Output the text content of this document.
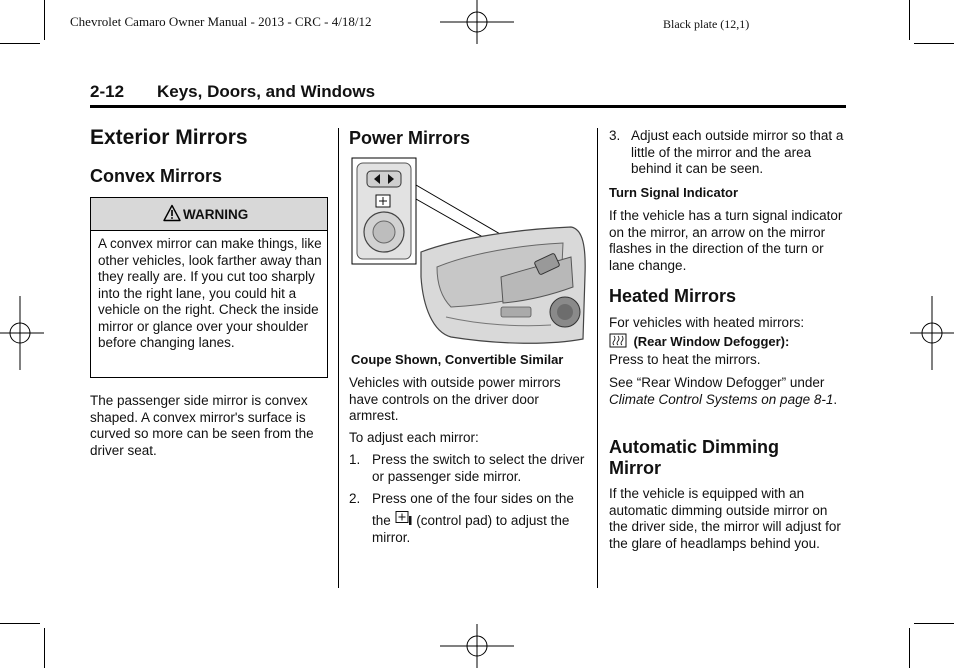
Chevrolet Camaro Owner Manual - 2013 - CRC - 4/18/12	Black plate (12,1)
2-12 Keys, Doors, and Windows
Exterior Mirrors
Convex Mirrors
WARNING
A convex mirror can make things, like other vehicles, look farther away than they really are. If you cut too sharply into the right lane, you could hit a vehicle on the right. Check the inside mirror or glance over your shoulder before changing lanes.
The passenger side mirror is convex shaped. A convex mirror's surface is curved so more can be seen from the driver seat.
Power Mirrors
Coupe Shown, Convertible Similar
Vehicles with outside power mirrors have controls on the driver door armrest.
To adjust each mirror:
1. Press the switch to select the driver or passenger side mirror.
2. Press one of the four sides on the
the  (control pad) to adjust the mirror.
3. Adjust each outside mirror so that a little of the mirror and the area behind it can be seen.
Turn Signal Indicator
If the vehicle has a turn signal indicator on the mirror, an arrow on the mirror flashes in the direction of the turn or lane change.
Heated Mirrors
For vehicles with heated mirrors:
(Rear Window Defogger):
Press to heat the mirrors.
See “Rear Window Defogger” under Climate Control Systems on page 8-1.
Automatic Dimming
Mirror
If the vehicle is equipped with an automatic dimming outside mirror on the driver side, the mirror will adjust for the glare of headlamps behind you.
